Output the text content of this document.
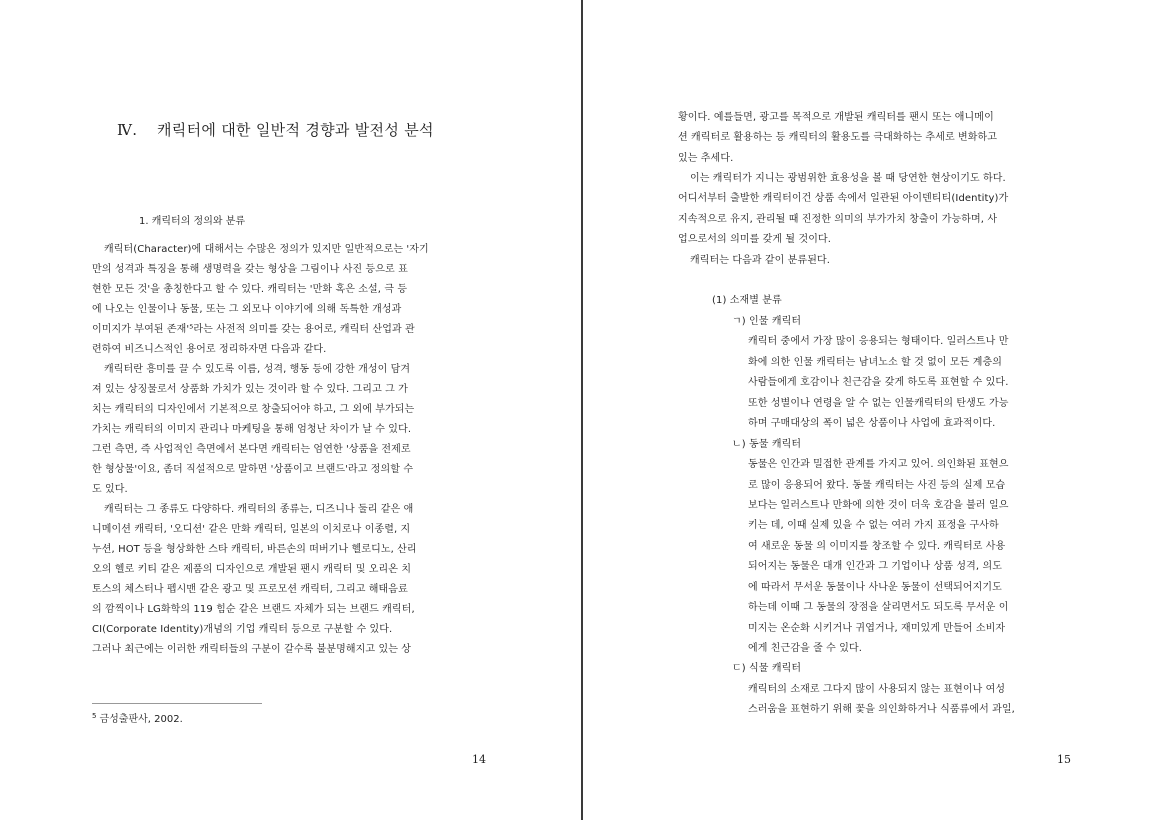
Ⅳ. 캐릭터에 대한 일반적 경향과 발전성 분석
1. 캐릭터의 정의와 분류
캐릭터(Character)에 대해서는 수많은 정의가 있지만 일반적으로는 '자기
만의 성격과 특징을 통해 생명력을 갖는 형상을 그림이나 사진 등으로 표
현한 모든 것'을 총칭한다고 할 수 있다. 캐릭터는 '만화 혹은 소설, 극 등
에 나오는 인물이나 동물, 또는 그 외모나 이야기에 의해 독특한 개성과
이미지가 부여된 존재'⁵라는 사전적 의미를 갖는 용어로, 캐릭터 산업과 관
련하여 비즈니스적인 용어로 정리하자면 다음과 같다.
캐릭터란 흥미를 끌 수 있도록 이름, 성격, 행동 등에 강한 개성이 담겨
져 있는 상징물로서 상품화 가치가 있는 것이라 할 수 있다. 그리고 그 가
치는 캐릭터의 디자인에서 기본적으로 창출되어야 하고, 그 외에 부가되는
가치는 캐릭터의 이미지 관리나 마케팅을 통해 엄청난 차이가 날 수 있다.
그런 측면, 즉 사업적인 측면에서 본다면 캐릭터는 엄연한 '상품을 전제로
한 형상물'이요, 좀더 직설적으로 말하면 '상품이고 브랜드'라고 정의할 수
도 있다.
캐릭터는 그 종류도 다양하다. 캐릭터의 종류는, 디즈니나 둘리 같은 애
니메이션 캐릭터, '오디션' 같은 만화 캐릭터, 일본의 이치로나 이종렬, 지
누션, HOT 등을 형상화한 스타 캐릭터, 바른손의 떠버기나 헬로디노, 산리
오의 헬로 키티 같은 제품의 디자인으로 개발된 팬시 캐릭터 및 오리온 치
토스의 체스터나 펩시맨 같은 광고 및 프로모션 캐릭터, 그리고 해태음료
의 깜찍이나 LG화학의 119 힘순 같은 브랜드 자체가 되는 브랜드 캐릭터,
CI(Corporate Identity)개념의 기업 캐릭터 등으로 구분할 수 있다.
그러나 최근에는 이러한 캐릭터들의 구분이 갈수록 불분명해지고 있는 상
$^5$ 금성출판사, 2002.
14
황이다. 예를들면, 광고를 목적으로 개발된 캐릭터를 팬시 또는 애니메이
션 캐릭터로 활용하는 등 캐릭터의 활용도를 극대화하는 추세로 변화하고
있는 추세다.
이는 캐릭터가 지니는 광범위한 효용성을 볼 때 당연한 현상이기도 하다.
어디서부터 출발한 캐릭터이건 상품 속에서 일관된 아이덴티티(Identity)가
지속적으로 유지, 관리될 때 진정한 의미의 부가가치 창출이 가능하며, 사
업으로서의 의미를 갖게 될 것이다.
캐릭터는 다음과 같이 분류된다.
(1) 소재별 분류
ㄱ) 인물 캐릭터
캐릭터 중에서 가장 많이 응용되는 형태이다. 일러스트나 만
화에 의한 인물 캐릭터는 남녀노소 할 것 없이 모든 계층의
사람들에게 호감이나 친근감을 갖게 하도록 표현할 수 있다.
또한 성별이나 연령을 알 수 없는 인물캐릭터의 탄생도 가능
하며 구매대상의 폭이 넓은 상품이나 사업에 효과적이다.
ㄴ) 동물 캐릭터
동물은 인간과 밀접한 관계를 가지고 있어. 의인화된 표현으
로 많이 응용되어 왔다. 동물 캐릭터는 사진 등의 실제 모습
보다는 일러스트나 만화에 의한 것이 더욱 호감을 불러 일으
키는 데, 이때 실제 있을 수 없는 여러 가지 표정을 구사하
여 새로운 동물 의 이미지를 창조할 수 있다. 캐릭터로 사용
되어지는 동물은 대개 인간과 그 기업이나 상품 성격, 의도
에 따라서 무서운 동물이나 사나운 동물이 선택되어지기도
하는데 이때 그 동물의 장점을 살리면서도 되도록 무서운 이
미지는 온순화 시키거나 귀엽거나, 재미있게 만들어 소비자
에게 친근감을 줄 수 있다.
ㄷ) 식물 캐릭터
캐릭터의 소재로 그다지 많이 사용되지 않는 표현이나 여성
스러움을 표현하기 위해 꽃을 의인화하거나 식품류에서 과일,
15
